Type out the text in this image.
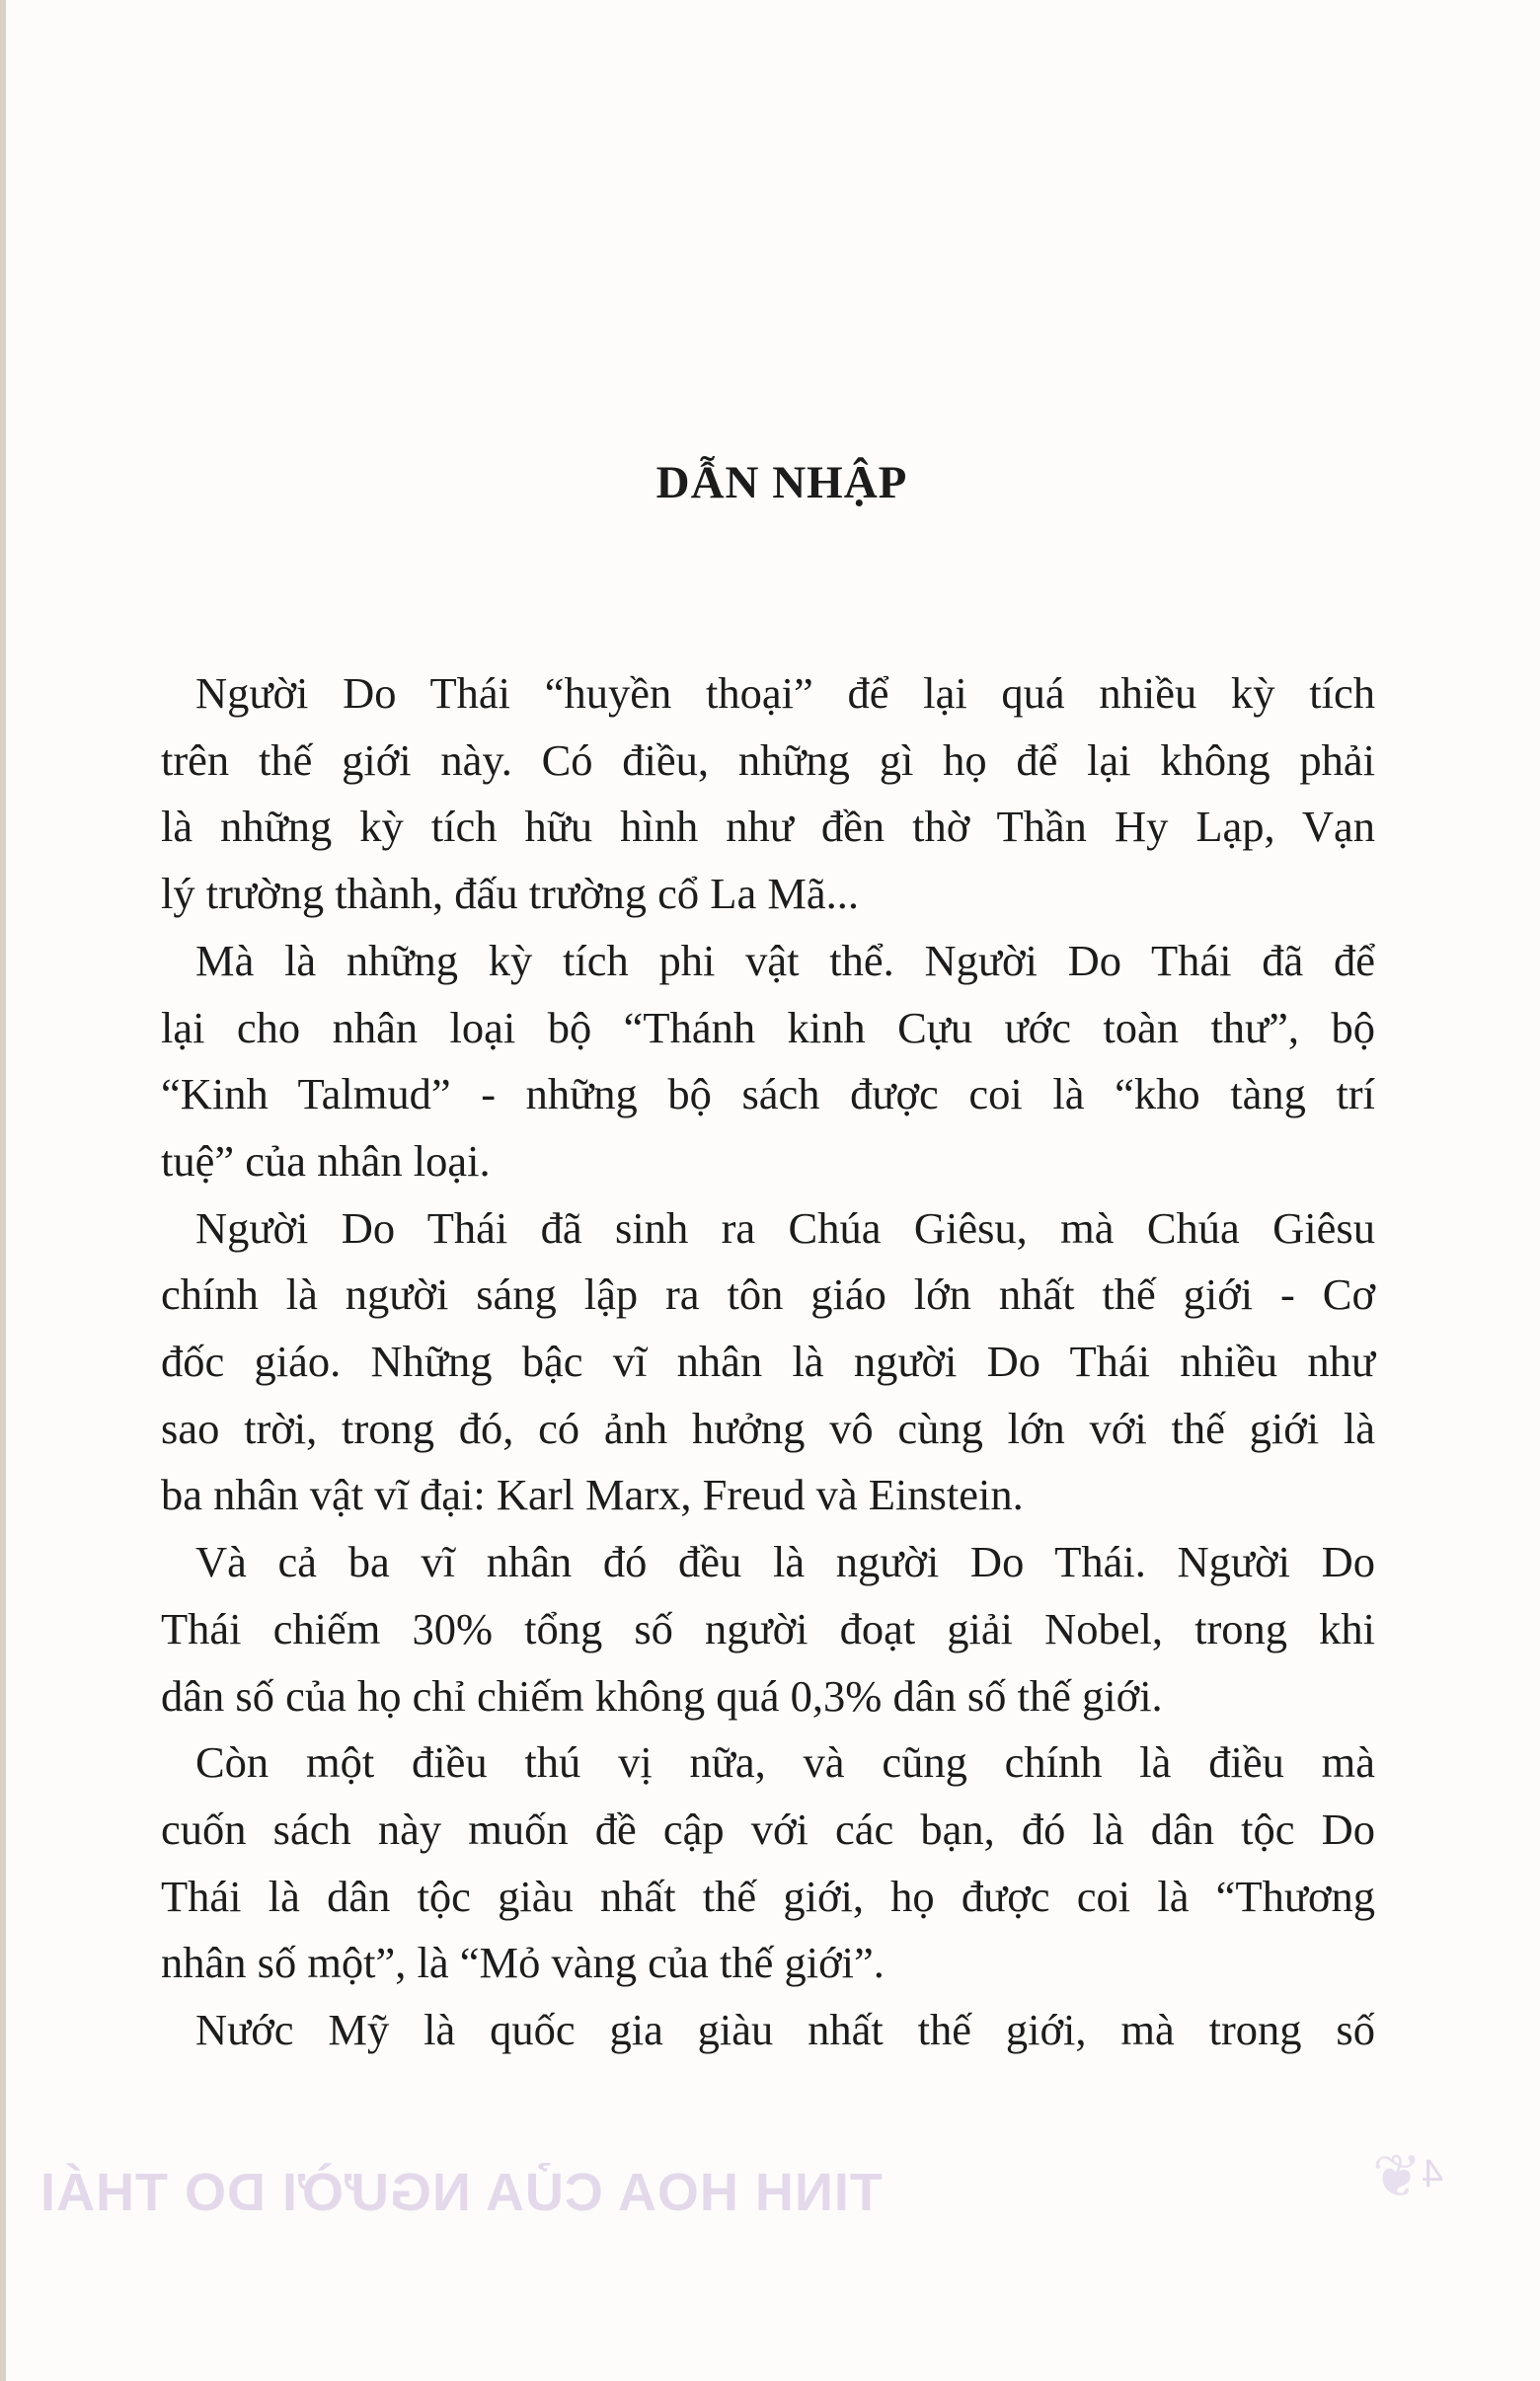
DẪN NHẬP
Người Do Thái “huyền thoại” để lại quá nhiều kỳ tích
trên thế giới này. Có điều, những gì họ để lại không phải
là những kỳ tích hữu hình như đền thờ Thần Hy Lạp, Vạn
lý trường thành, đấu trường cổ La Mã...
Mà là những kỳ tích phi vật thể. Người Do Thái đã để
lại cho nhân loại bộ “Thánh kinh Cựu ước toàn thư”, bộ
“Kinh Talmud” - những bộ sách được coi là “kho tàng trí
tuệ” của nhân loại.
Người Do Thái đã sinh ra Chúa Giêsu, mà Chúa Giêsu
chính là người sáng lập ra tôn giáo lớn nhất thế giới - Cơ
đốc giáo. Những bậc vĩ nhân là người Do Thái nhiều như
sao trời, trong đó, có ảnh hưởng vô cùng lớn với thế giới là
ba nhân vật vĩ đại: Karl Marx, Freud và Einstein.
Và cả ba vĩ nhân đó đều là người Do Thái. Người Do
Thái chiếm 30% tổng số người đoạt giải Nobel, trong khi
dân số của họ chỉ chiếm không quá 0,3% dân số thế giới.
Còn một điều thú vị nữa, và cũng chính là điều mà
cuốn sách này muốn đề cập với các bạn, đó là dân tộc Do
Thái là dân tộc giàu nhất thế giới, họ được coi là “Thương
nhân số một”, là “Mỏ vàng của thế giới”.
Nước Mỹ là quốc gia giàu nhất thế giới, mà trong số
TINH HOA CỦA NGƯỜI DO THÁI	❦ 4
